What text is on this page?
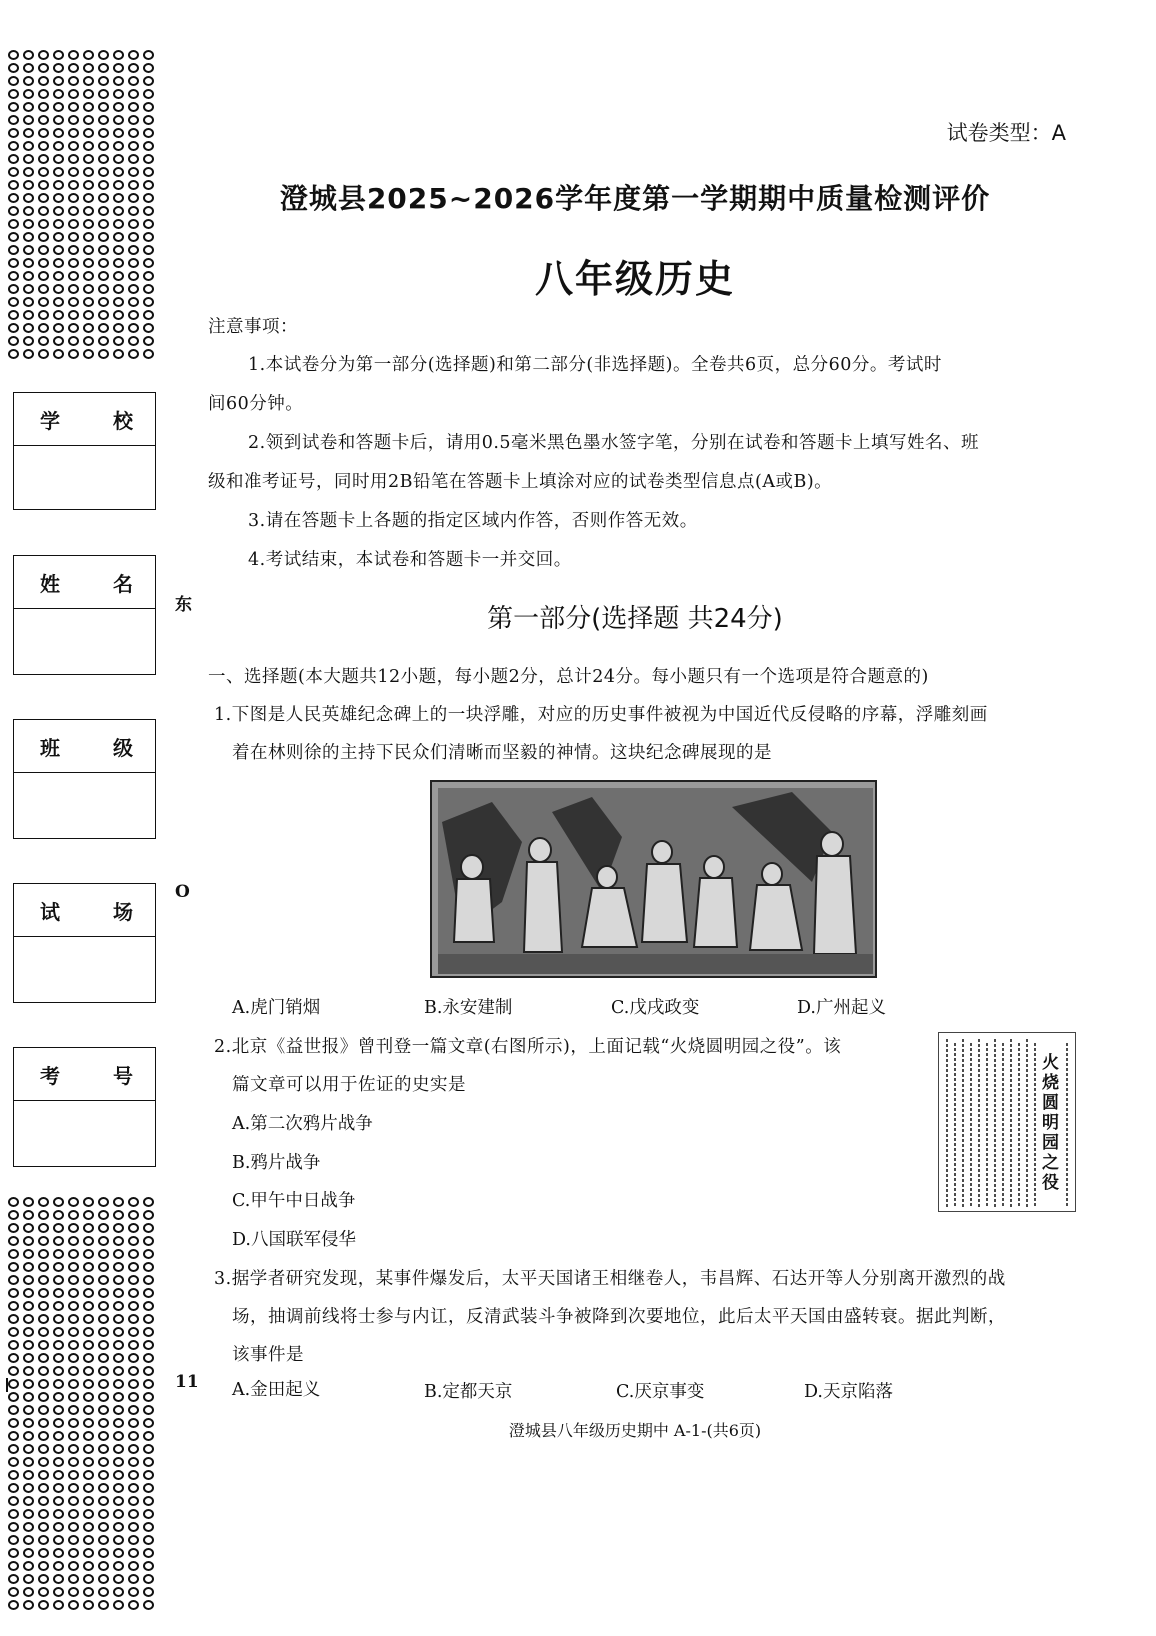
学	校
姓	名
班	级
试	场
考	号
东
O
11
试卷类型：A
澄城县2025~2026学年度第一学期期中质量检测评价
八年级历史
注意事项：
1.本试卷分为第一部分(选择题)和第二部分(非选择题)。全卷共6页，总分60分。考试时
间60分钟。
2.领到试卷和答题卡后，请用0.5毫米黑色墨水签字笔，分别在试卷和答题卡上填写姓名、班
级和准考证号，同时用2B铅笔在答题卡上填涂对应的试卷类型信息点(A或B)。
3.请在答题卡上各题的指定区域内作答，否则作答无效。
4.考试结束，本试卷和答题卡一并交回。
第一部分(选择题 共24分)
一、选择题(本大题共12小题，每小题2分，总计24分。每小题只有一个选项是符合题意的)
1.下图是人民英雄纪念碑上的一块浮雕，对应的历史事件被视为中国近代反侵略的序幕，浮雕刻画
着在林则徐的主持下民众们清晰而坚毅的神情。这块纪念碑展现的是
A.虎门销烟	B.永安建制	C.戊戌政变	D.广州起义
2.北京《益世报》曾刊登一篇文章(右图所示)，上面记载“火烧圆明园之役”。该
篇文章可以用于佐证的史实是
A.第二次鸦片战争
B.鸦片战争
C.甲午中日战争
D.八国联军侵华
火烧圆明园之役
3.据学者研究发现，某事件爆发后，太平天国诸王相继卷人，韦昌辉、石达开等人分别离开激烈的战
场，抽调前线将士参与内讧，反清武装斗争被降到次要地位，此后太平天国由盛转衰。据此判断，
该事件是
A.金田起义	B.定都天京	C.厌京事变	D.天京陷落
澄城县八年级历史期中 A-1-(共6页)
